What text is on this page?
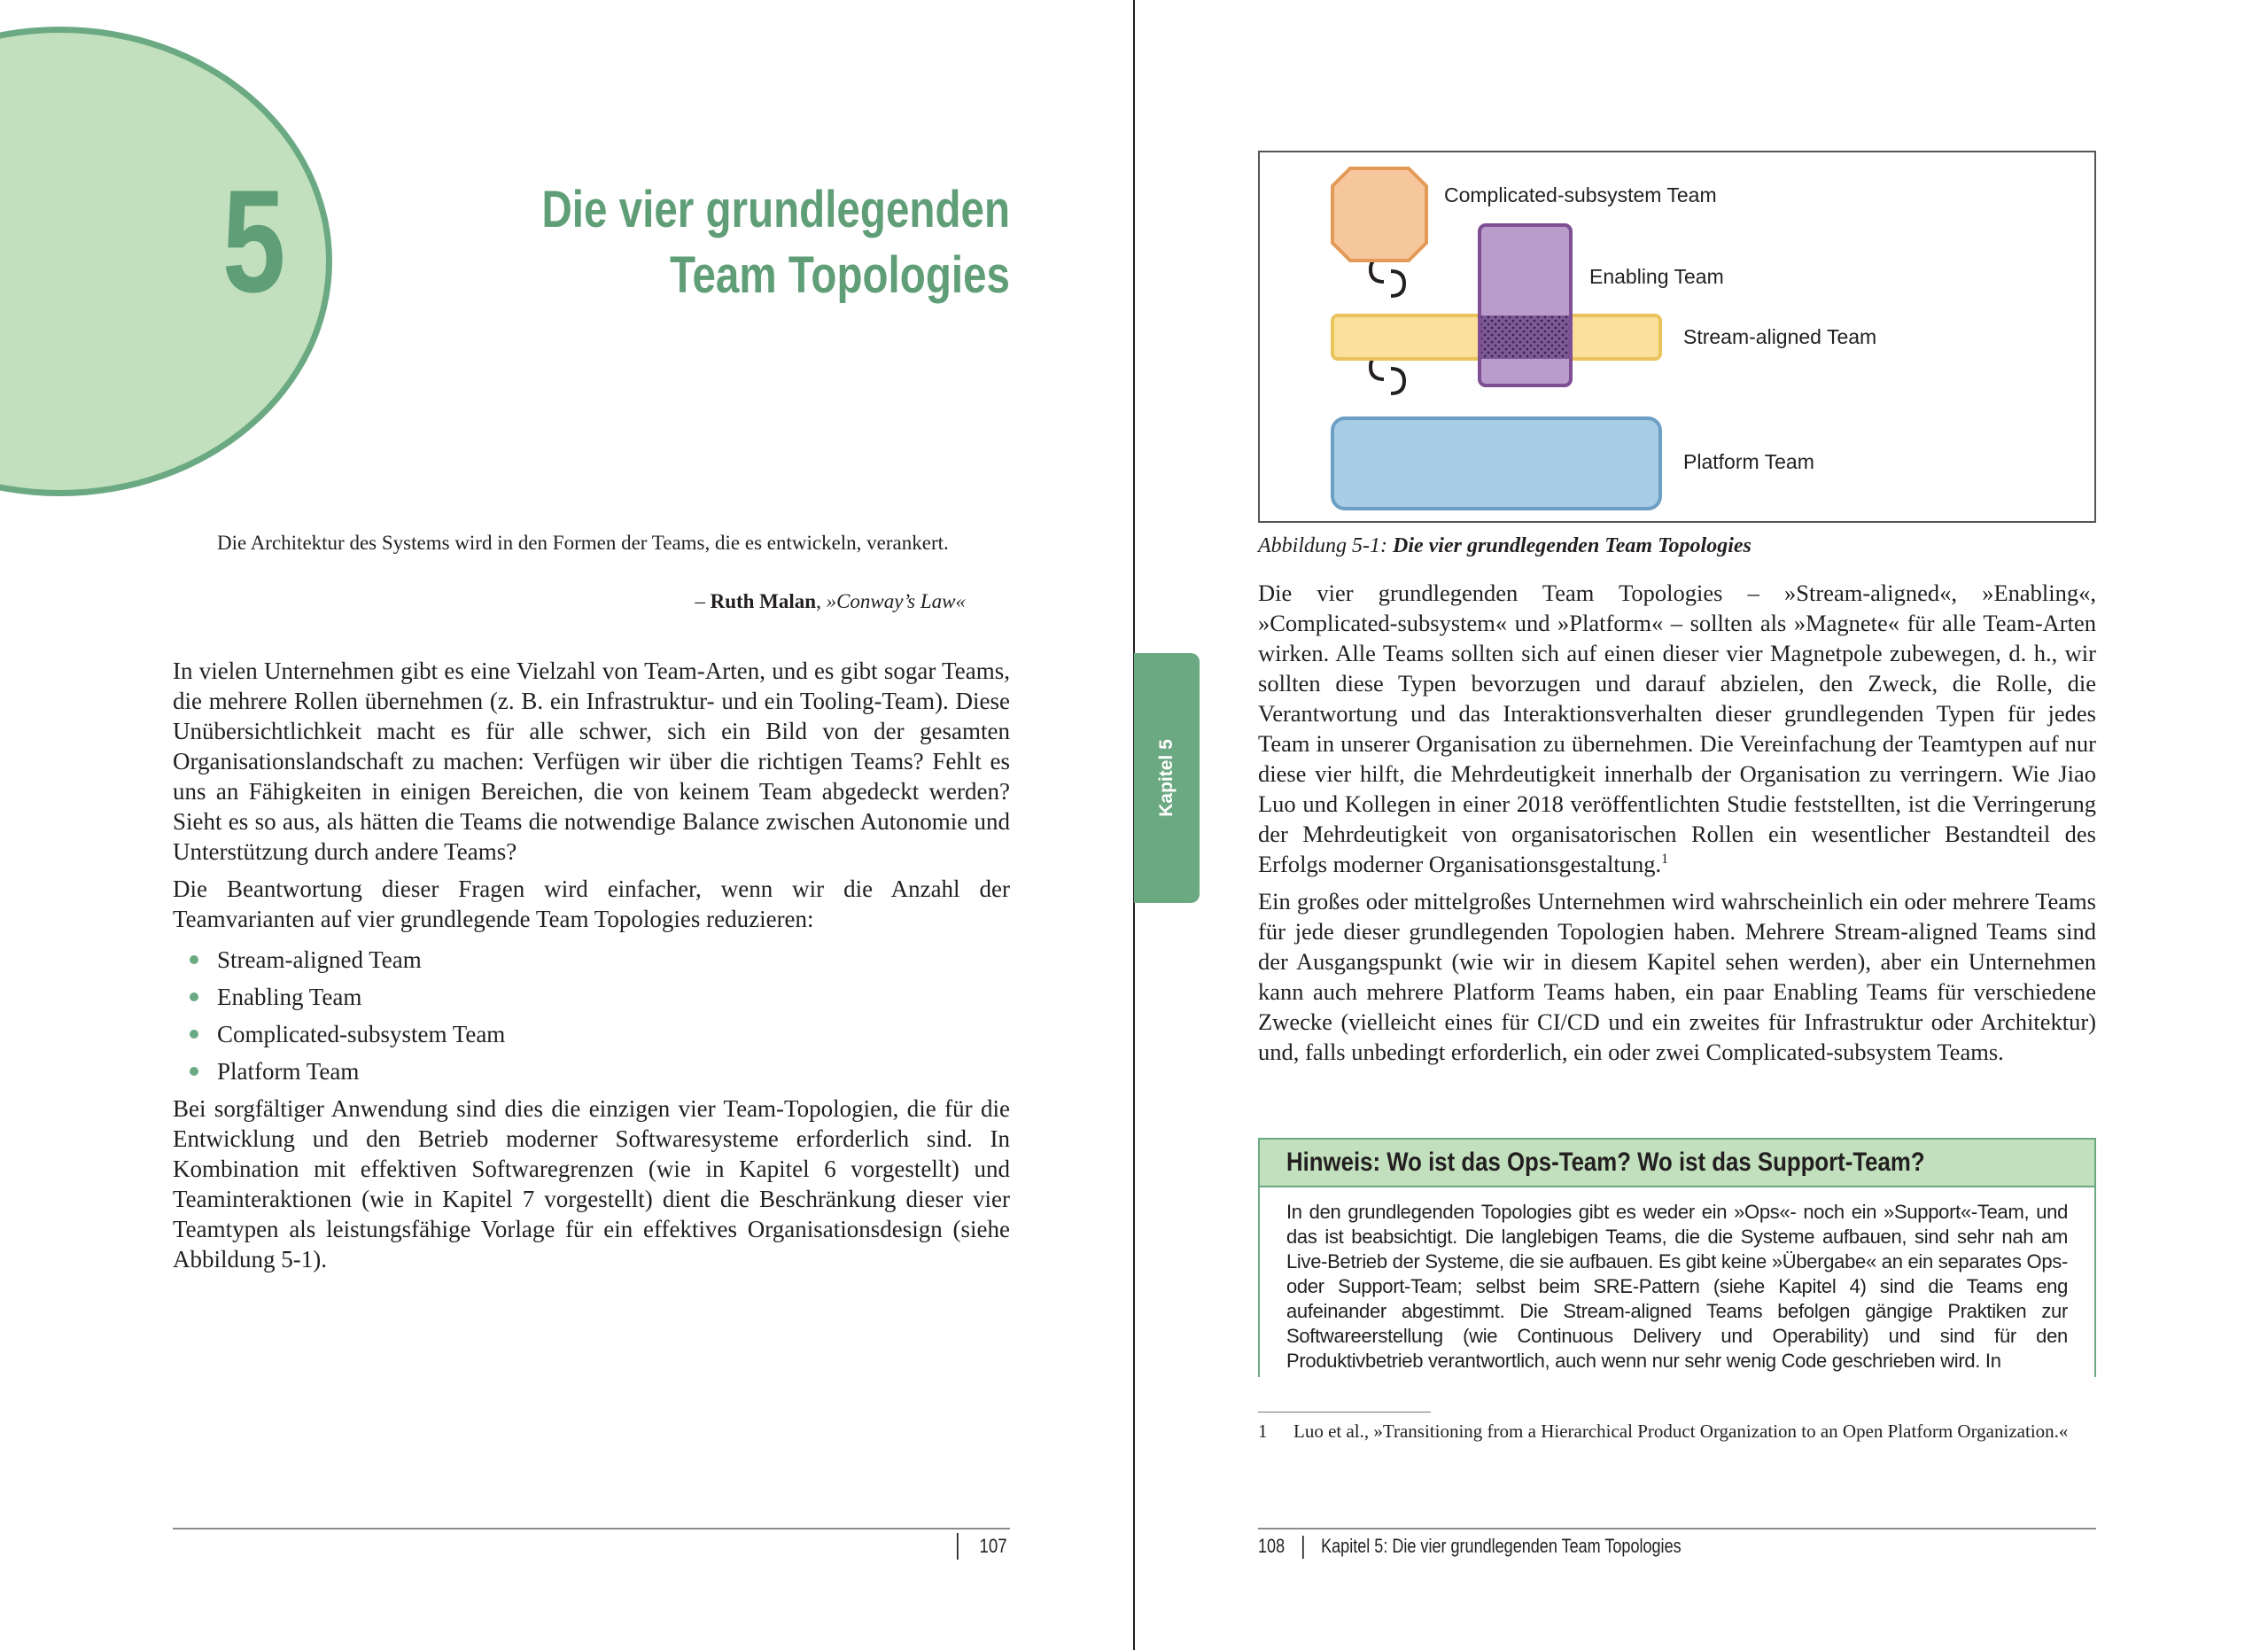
5	Die vier grundlegenden
Team Topologies
Die Architektur des Systems wird in den Formen der Teams, die es entwickeln, verankert.
– Ruth Malan, »Conway’s Law«

In vielen Unternehmen gibt es eine Vielzahl von Team-Arten, und es gibt sogar Teams, die mehrere Rollen übernehmen (z. B. ein Infrastruktur- und ein Tooling-Team). Diese Unübersichtlichkeit macht es für alle schwer, sich ein Bild von der gesamten Organisationslandschaft zu machen: Verfügen wir über die richtigen Teams? Fehlt es uns an Fähigkeiten in einigen Bereichen, die von keinem Team abgedeckt werden? Sieht es so aus, als hätten die Teams die notwendige Balance zwischen Autonomie und Unterstützung durch andere Teams?

Die Beantwortung dieser Fragen wird einfacher, wenn wir die Anzahl der Teamvarianten auf vier grundlegende Team Topologies reduzieren:

Stream-aligned Team
Enabling Team
Complicated-subsystem Team
Platform Team

Bei sorgfältiger Anwendung sind dies die einzigen vier Team-Topologien, die für die Entwicklung und den Betrieb moderner Softwaresysteme erforderlich sind. In Kombination mit effektiven Softwaregrenzen (wie in Kapitel 6 vorgestellt) und Teaminteraktionen (wie in Kapitel 7 vorgestellt) dient die Beschränkung dieser vier Teamtypen als leistungsfähige Vorlage für ein effektives Organisationsdesign (siehe Abbildung 5-1).

107
Kapitel 5
Complicated-subsystem Team
Enabling Team
Stream-aligned Team
Platform Team
Abbildung 5-1: Die vier grundlegenden Team Topologies

Die vier grundlegenden Team Topologies – »Stream-aligned«, »Enabling«, »Complicated-subsystem« und »Platform« – sollten als »Magnete« für alle Team-Arten wirken. Alle Teams sollten sich auf einen dieser vier Magnetpole zubewegen, d. h., wir sollten diese Typen bevorzugen und darauf abzielen, den Zweck, die Rolle, die Verantwortung und das Interaktionsverhalten dieser grundlegenden Typen für jedes Team in unserer Organisation zu übernehmen. Die Vereinfachung der Teamtypen auf nur diese vier hilft, die Mehrdeutigkeit innerhalb der Organisation zu verringern. Wie Jiao Luo und Kollegen in einer 2018 veröffentlichten Studie feststellten, ist die Verringerung der Mehrdeutigkeit von organisatorischen Rollen ein wesentlicher Bestandteil des Erfolgs moderner Organisationsgestaltung.$^1$

Ein großes oder mittelgroßes Unternehmen wird wahrscheinlich ein oder mehrere Teams für jede dieser grundlegenden Topologien haben. Mehrere Stream-aligned Teams sind der Ausgangspunkt (wie wir in diesem Kapitel sehen werden), aber ein Unternehmen kann auch mehrere Platform Teams haben, ein paar Enabling Teams für verschiedene Zwecke (vielleicht eines für CI/CD und ein zweites für Infrastruktur oder Architektur) und, falls unbedingt erforderlich, ein oder zwei Complicated-subsystem Teams.

Hinweis: Wo ist das Ops-Team? Wo ist das Support-Team?
In den grundlegenden Topologies gibt es weder ein »Ops«- noch ein »Support«-Team, und das ist beabsichtigt. Die langlebigen Teams, die die Systeme aufbauen, sind sehr nah am Live-Betrieb der Systeme, die sie aufbauen. Es gibt keine »Übergabe« an ein separates Ops- oder Support-Team; selbst beim SRE-Pattern (siehe Kapitel 4) sind die Teams eng aufeinander abgestimmt. Die Stream-aligned Teams befolgen gängige Praktiken zur Softwareerstellung (wie Continuous Delivery und Operability) und sind für den Produktivbetrieb verantwortlich, auch wenn nur sehr wenig Code geschrieben wird. In
1 Luo et al., »Transitioning from a Hierarchical Product Organization to an Open Platform Organization.«
108 Kapitel 5: Die vier grundlegenden Team Topologies
